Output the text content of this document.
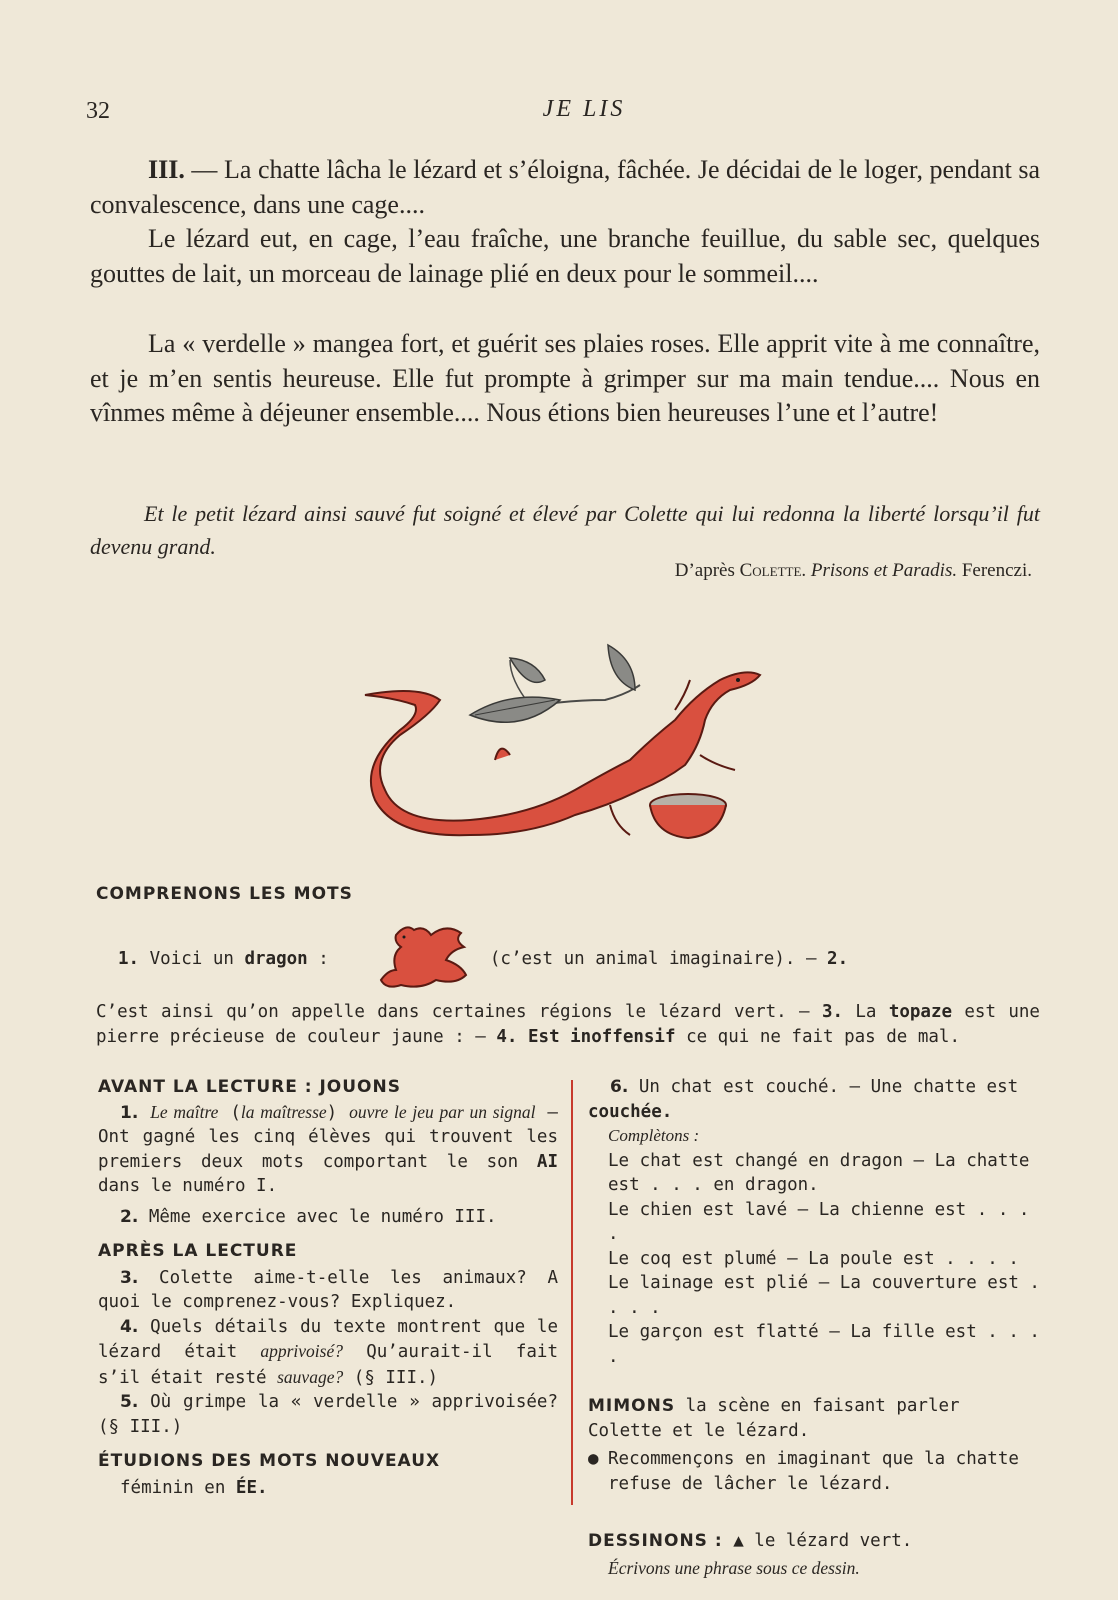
32	JE LIS

III. — La chatte lâcha le lézard et s’éloigna, fâchée. Je décidai de le loger, pendant sa convalescence, dans une cage....

Le lézard eut, en cage, l’eau fraîche, une branche feuillue, du sable sec, quelques gouttes de lait, un morceau de lainage plié en deux pour le sommeil....

La « verdelle » mangea fort, et guérit ses plaies roses. Elle apprit vite à me connaître, et je m’en sentis heureuse. Elle fut prompte à grimper sur ma main tendue.... Nous en vînmes même à déjeuner ensemble.... Nous étions bien heureuses l’une et l’autre!

Et le petit lézard ainsi sauvé fut soigné et élevé par Colette qui lui redonna la liberté lorsqu’il fut devenu grand.

D’après Colette. Prisons et Paradis. Ferenczi.
COMPRENONS LES MOTS
1. Voici un dragon :	(c’est un animal imaginaire). — 2.
C’est ainsi qu’on appelle dans certaines régions le lézard vert. — 3. La topaze est une pierre précieuse de couleur jaune : — 4. Est inoffensif ce qui ne fait pas de mal.

AVANT LA LECTURE : JOUONS

1. Le maître (la maîtresse) ouvre le jeu par un signal — Ont gagné les cinq élèves qui trouvent les premiers deux mots comportant le son AI dans le numéro I.

2. Même exercice avec le numéro III.

APRÈS LA LECTURE

3. Colette aime-t-elle les animaux? A quoi le comprenez-vous? Expliquez.

4. Quels détails du texte montrent que le lézard était apprivoisé? Qu’aurait-il fait s’il était resté sauvage? (§ III.)

5. Où grimpe la « verdelle » apprivoisée? (§ III.)

ÉTUDIONS DES MOTS NOUVEAUX

féminin en ÉE.

6. Un chat est couché. — Une chatte est couchée.

Complètons :

Le chat est changé en dragon — La chatte est . . . en dragon.

Le chien est lavé — La chienne est . . . .

Le coq est plumé — La poule est . . . .

Le lainage est plié — La couverture est . . . .

Le garçon est flatté — La fille est . . . .

MIMONS la scène en faisant parler Colette et le lézard.

● Recommençons en imaginant que la chatte refuse de lâcher le lézard.

DESSINONS : ▲ le lézard vert.

Écrivons une phrase sous ce dessin.
